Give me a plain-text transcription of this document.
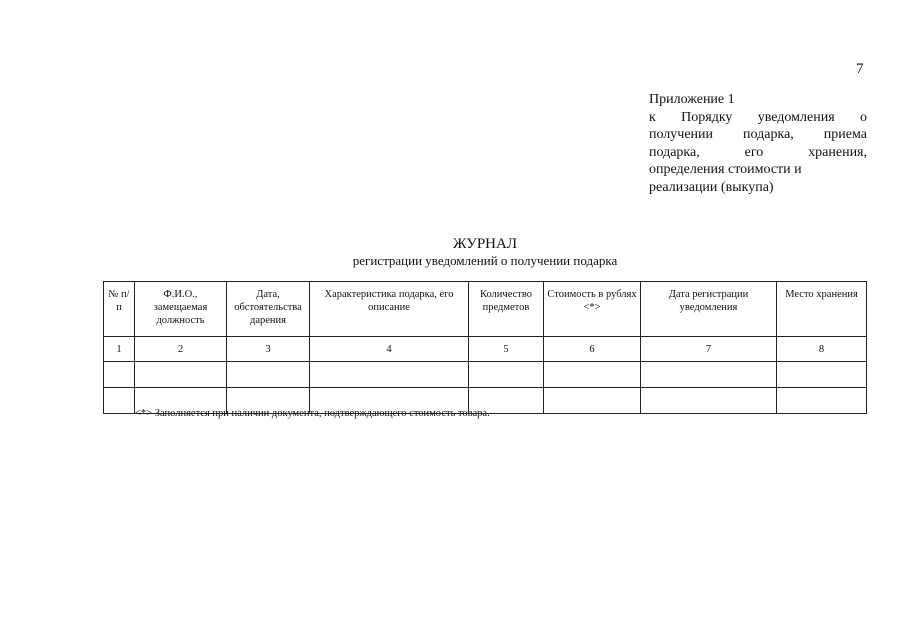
7
Приложение 1
к Порядку уведомления о
получении подарка, приема
подарка,	его	хранения,
определения стоимости и
реализации (выкупа)
ЖУРНАЛ
регистрации уведомлений о получении подарка
№ п/п	Ф.И.О., замещаемая должность	Дата, обстоятельства дарения	Характеристика подарка, его описание	Количество предметов	Стоимость в рублях <*>	Дата регистрации уведомления	Место хранения
1	2	3	4	5	6	7	8

<*> Заполняется при наличии документа, подтверждающего стоимость товара.
